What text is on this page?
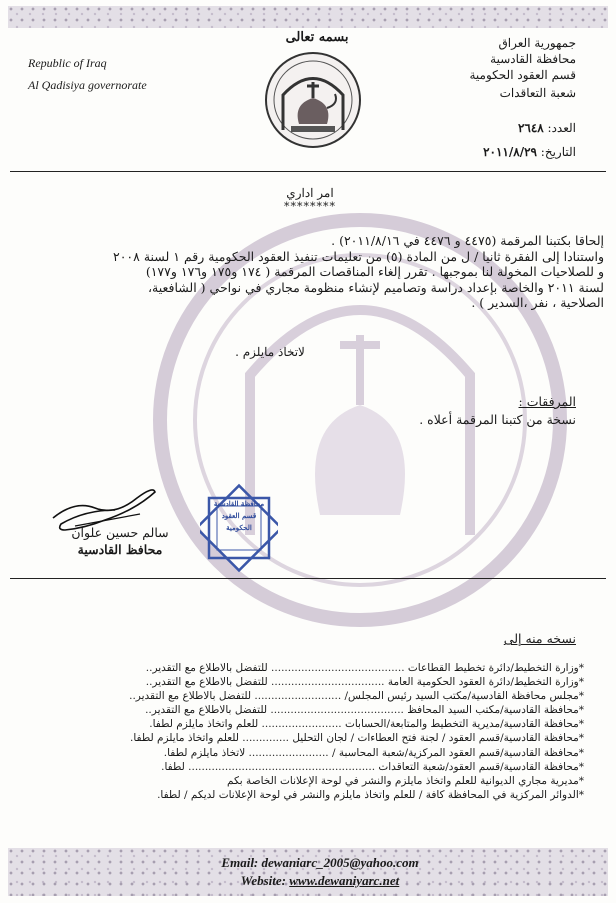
بسمه تعالى
Republic of Iraq
Al Qadisiya governorate
جمهورية العراق
محافظة القادسية
قسم العقود الحكومية
شعبة التعاقدات
العدد: ٢٦٤٨
التاريخ: ٢٠١١/٨/٢٩
امر اداري
********
إلحاقا بكتبنا المرقمة (٤٤٧٥ و ٤٤٧٦ في ٢٠١١/٨/١٦) .
واستنادا إلى الفقرة ثانيا / ل من المادة (٥) من تعليمات تنفيذ العقود الحكومية رقم ١ لسنة ٢٠٠٨
و للصلاحيات المخولة لنا بموجبها . تقرر إلغاء المناقصات المرقمة ( ١٧٤ و١٧٥ و١٧٦ و١٧٧)
لسنة ٢٠١١ والخاصة بإعداد دراسة وتصاميم لإنشاء منظومة مجاري في نواحي ( الشافعية،
الصلاحية ، نفر ،السدير ) .
لاتخاذ مايلزم .
المرفقات :
نسخة من كتبنا المرقمة أعلاه .
سالم حسين علوان
محافظ القادسية
محافظة القادسية
قسم العقود
الحكومية
نسخه منه إلى
*وزارة التخطيط/دائرة تخطيط القطاعات ........................................ للتفضل بالاطلاع مع التقدير..
*وزارة التخطيط/دائرة العقود الحكومية العامة .................................. للتفضل بالاطلاع مع التقدير..
*مجلس محافظة القادسية/مكتب السيد رئيس المجلس/ .......................... للتفضل بالاطلاع مع التقدير..
*محافظة القادسية/مكتب السيد المحافظ ........................................ للتفضل بالاطلاع مع التقدير..
*محافظة القادسية/مديرية التخطيط والمتابعة/الحسابات ........................ للعلم واتخاذ مايلزم لطفا.
*محافظة القادسية/قسم العقود / لجنة فتح العطاءات / لجان التحليل .............. للعلم واتخاذ مايلزم لطفا.
*محافظة القادسية/قسم العقود المركزية/شعبة المحاسبة / ........................ لاتخاذ مايلزم لطفا.
*محافظة القادسية/قسم العقود/شعبة التعاقدات ........................................................ لطفا.
*مديرية مجاري الديوانية للعلم واتخاذ مايلزم والنشر في لوحة الإعلانات الخاصة بكم
*الدوائر المركزية في المحافظة كافة / للعلم واتخاذ مايلزم والنشر في لوحة الإعلانات لديكم / لطفا.
Email: dewaniarc_2005@yahoo.com
Website: www.dewaniyarc.net
